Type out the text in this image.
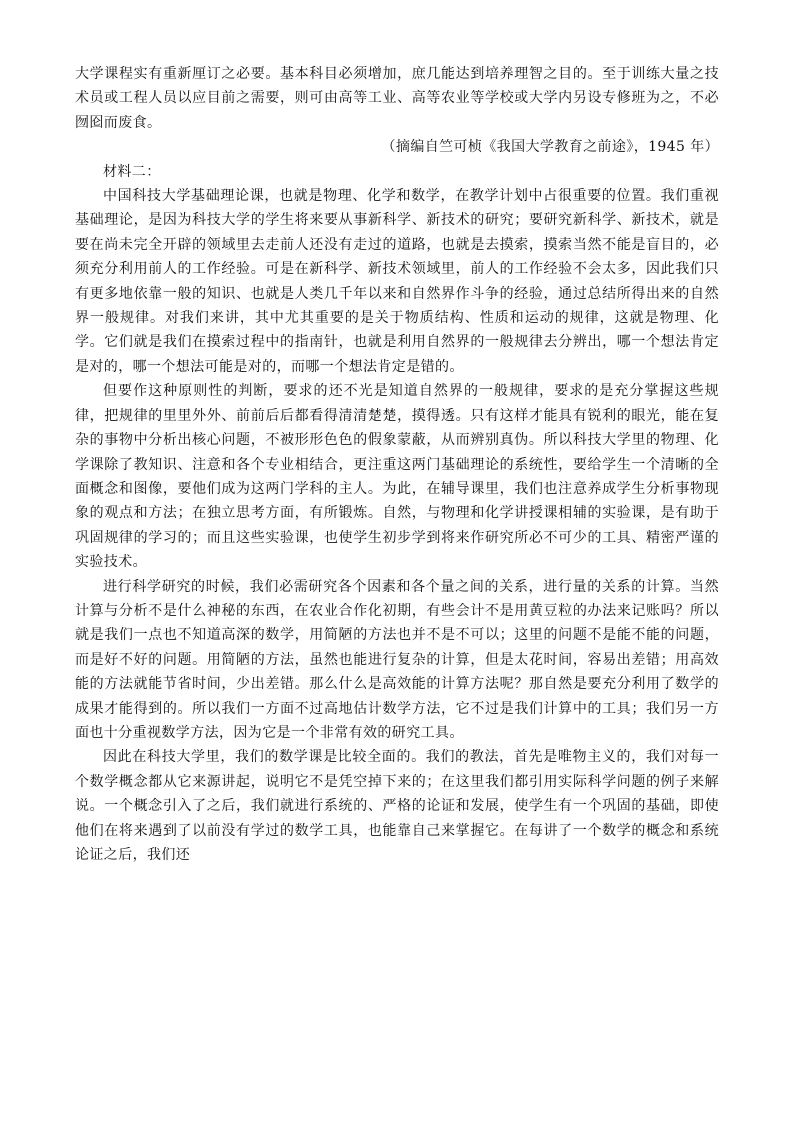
大学课程实有重新厘订之必要。基本科目必须增加，庶几能达到培养理智之目的。至于训练大量之技术员或工程人员以应目前之需要，则可由高等工业、高等农业等学校或大学内另设专修班为之，不必囫囵而废食。

（摘编自竺可桢《我国大学教育之前途》，1945 年）

材料二：

中国科技大学基础理论课，也就是物理、化学和数学，在教学计划中占很重要的位置。我们重视基础理论，是因为科技大学的学生将来要从事新科学、新技术的研究；要研究新科学、新技术，就是要在尚未完全开辟的领域里去走前人还没有走过的道路，也就是去摸索，摸索当然不能是盲目的，必须充分利用前人的工作经验。可是在新科学、新技术领域里，前人的工作经验不会太多，因此我们只有更多地依靠一般的知识、也就是人类几千年以来和自然界作斗争的经验，通过总结所得出来的自然界一般规律。对我们来讲，其中尤其重要的是关于物质结构、性质和运动的规律，这就是物理、化学。它们就是我们在摸索过程中的指南针，也就是利用自然界的一般规律去分辨出，哪一个想法肯定是对的，哪一个想法可能是对的，而哪一个想法肯定是错的。

但要作这种原则性的判断，要求的还不光是知道自然界的一般规律，要求的是充分掌握这些规律，把规律的里里外外、前前后后都看得清清楚楚，摸得透。只有这样才能具有锐利的眼光，能在复杂的事物中分析出核心问题，不被形形色色的假象蒙蔽，从而辨别真伪。所以科技大学里的物理、化学课除了教知识、注意和各个专业相结合，更注重这两门基础理论的系统性，要给学生一个清晰的全面概念和图像，要他们成为这两门学科的主人。为此，在辅导课里，我们也注意养成学生分析事物现象的观点和方法；在独立思考方面，有所锻炼。自然，与物理和化学讲授课相辅的实验课，是有助于巩固规律的学习的；而且这些实验课，也使学生初步学到将来作研究所必不可少的工具、精密严谨的实验技术。

进行科学研究的时候，我们必需研究各个因素和各个量之间的关系，进行量的关系的计算。当然计算与分析不是什么神秘的东西，在农业合作化初期，有些会计不是用黄豆粒的办法来记账吗？所以就是我们一点也不知道高深的数学，用简陋的方法也并不是不可以；这里的问题不是能不能的问题，而是好不好的问题。用简陋的方法，虽然也能进行复杂的计算，但是太花时间，容易出差错；用高效能的方法就能节省时间，少出差错。那么什么是高效能的计算方法呢？那自然是要充分利用了数学的成果才能得到的。所以我们一方面不过高地估计数学方法，它不过是我们计算中的工具；我们另一方面也十分重视数学方法，因为它是一个非常有效的研究工具。

因此在科技大学里，我们的数学课是比较全面的。我们的教法，首先是唯物主义的，我们对每一个数学概念都从它来源讲起，说明它不是凭空掉下来的；在这里我们都引用实际科学问题的例子来解说。一个概念引入了之后，我们就进行系统的、严格的论证和发展，使学生有一个巩固的基础，即使他们在将来遇到了以前没有学过的数学工具，也能靠自己来掌握它。在每讲了一个数学的概念和系统论证之后，我们还
